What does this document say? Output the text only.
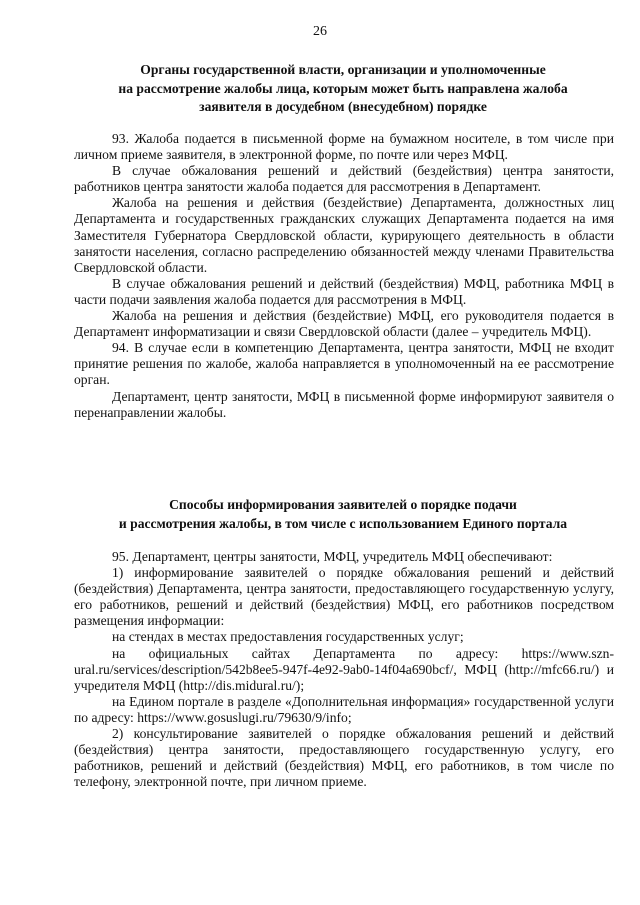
26
Органы государственной власти, организации и уполномоченные
на рассмотрение жалобы лица, которым может быть направлена жалоба
заявителя в досудебном (внесудебном) порядке

93. Жалоба подается в письменной форме на бумажном носителе, в том числе при личном приеме заявителя, в электронной форме, по почте или через МФЦ.

В случае обжалования решений и действий (бездействия) центра занятости, работников центра занятости жалоба подается для рассмотрения в Департамент.

Жалоба на решения и действия (бездействие) Департамента, должностных лиц Департамента и государственных гражданских служащих Департамента подается на имя Заместителя Губернатора Свердловской области, курирующего деятельность в области занятости населения, согласно распределению обязанностей между членами Правительства Свердловской области.

В случае обжалования решений и действий (бездействия) МФЦ, работника МФЦ в части подачи заявления жалоба подается для рассмотрения в МФЦ.

Жалоба на решения и действия (бездействие) МФЦ, его руководителя подается в Департамент информатизации и связи Свердловской области (далее – учредитель МФЦ).

94. В случае если в компетенцию Департамента, центра занятости, МФЦ не входит принятие решения по жалобе, жалоба направляется в уполномоченный на ее рассмотрение орган.

Департамент, центр занятости, МФЦ в письменной форме информируют заявителя о перенаправлении жалобы.

Способы информирования заявителей о порядке подачи
и рассмотрения жалобы, в том числе с использованием Единого портала

95. Департамент, центры занятости, МФЦ, учредитель МФЦ обеспечивают:

1) информирование заявителей о порядке обжалования решений и действий (бездействия) Департамента, центра занятости, предоставляющего государственную услугу, его работников, решений и действий (бездействия) МФЦ, его работников посредством размещения информации:

на стендах в местах предоставления государственных услуг;

на официальных сайтах Департамента по адресу: https://www.szn-ural.ru/services/description/542b8ee5-947f-4e92-9ab0-14f04a690bcf/, МФЦ (http://mfc66.ru/) и учредителя МФЦ (http://dis.midural.ru/);

на Едином портале в разделе «Дополнительная информация» государственной услуги по адресу: https://www.gosuslugi.ru/79630/9/info;

2) консультирование заявителей о порядке обжалования решений и действий (бездействия) центра занятости, предоставляющего государственную услугу, его работников, решений и действий (бездействия) МФЦ, его работников, в том числе по телефону, электронной почте, при личном приеме.
